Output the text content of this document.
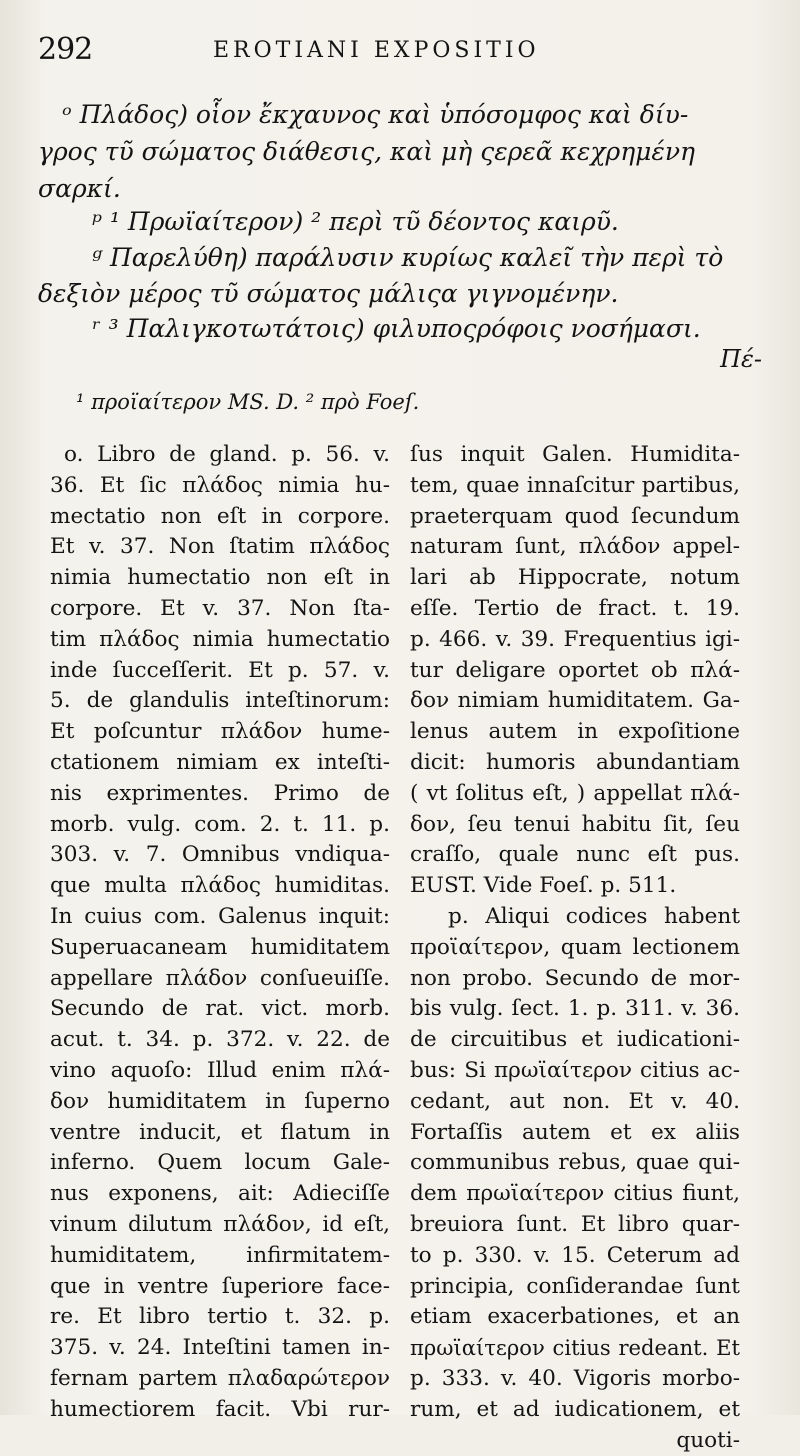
292	EROTIANI EXPOSITIO
ᵒ Πλάδος) οἷον ἔκχαυνος καὶ ὑπόσομφος καὶ δίυ-
γρος τῦ σώματος διάθεσις, καὶ μὴ ςερεᾶ κεχρημένη
σαρκί.
ᵖ ¹ Πρωϊαίτερον) ² περὶ τῦ δέοντος καιρῦ.
ᵍ Παρελύθη) παράλυσιν κυρίως καλεῖ τὴν περὶ τὸ
δεξιὸν μέρος τῦ σώματος μάλιςα γιγνομένην.
ʳ ³ Παλιγκοτωτάτοις) φιλυποςρόφοις νοσήμασι.
Πέ-
¹ προϊαίτερον MS. D. ² πρὸ Foeſ.
o. Libro de gland. p. 56. v.
36. Et ſic πλάδος nimia hu-
mectatio non eſt in corpore.
Et v. 37. Non ſtatim πλάδος
nimia humectatio non eſt in
corpore. Et v. 37. Non ſta-
tim πλάδος nimia humectatio
inde ſucceſſerit. Et p. 57. v.
5. de glandulis inteſtinorum:
Et poſcuntur πλάδον hume-
ctationem nimiam ex inteſti-
nis exprimentes. Primo de
morb. vulg. com. 2. t. 11. p.
303. v. 7. Omnibus vndiqua-
que multa πλάδος humiditas.
In cuius com. Galenus inquit:
Superuacaneam humiditatem
appellare πλάδον conſueuiſſe.
Secundo de rat. vict. morb.
acut. t. 34. p. 372. v. 22. de
vino aquoſo: Illud enim πλά-
δον humiditatem in ſuperno
ventre inducit, et flatum in
inferno. Quem locum Gale-
nus exponens, ait: Adieciſſe
vinum dilutum πλάδον, id eſt,
humiditatem, infirmitatem-
que in ventre ſuperiore face-
re. Et libro tertio t. 32. p.
375. v. 24. Inteſtini tamen in-
fernam partem πλαδαρώτερον
humectiorem facit. Vbi rur-
ſus inquit Galen. Humidita-
tem, quae innaſcitur partibus,
praeterquam quod ſecundum
naturam ſunt, πλάδον appel-
lari ab Hippocrate, notum
eſſe. Tertio de fract. t. 19.
p. 466. v. 39. Frequentius igi-
tur deligare oportet ob πλά-
δον nimiam humiditatem. Ga-
lenus autem in expoſitione
dicit: humoris abundantiam
( vt ſolitus eſt, ) appellat πλά-
δον, ſeu tenui habitu ſit, ſeu
craſſo, quale nunc eſt pus.
EUST. Vide Foeſ. p. 511.
p. Aliqui codices habent
προϊαίτερον, quam lectionem
non probo. Secundo de mor-
bis vulg. ſect. 1. p. 311. v. 36.
de circuitibus et iudicationi-
bus: Si πρωϊαίτερον citius ac-
cedant, aut non. Et v. 40.
Fortaſſis autem et ex aliis
communibus rebus, quae qui-
dem πρωϊαίτερον citius fiunt,
breuiora ſunt. Et libro quar-
to p. 330. v. 15. Ceterum ad
principia, conſiderandae ſunt
etiam exacerbationes, et an
πρωϊαίτερον citius redeant. Et
p. 333. v. 40. Vigoris morbo-
rum, et ad iudicationem, et
quoti-
